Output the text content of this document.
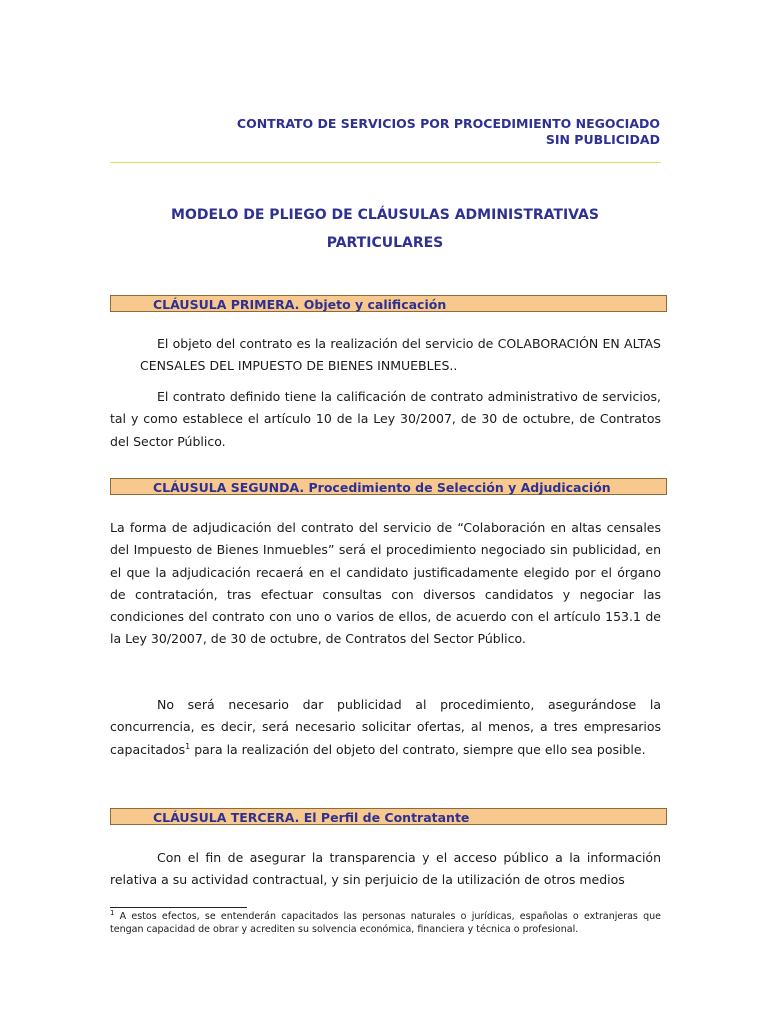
CONTRATO DE SERVICIOS POR PROCEDIMIENTO NEGOCIADO
SIN PUBLICIDAD
MODELO DE PLIEGO DE CLÁUSULAS ADMINISTRATIVAS
PARTICULARES
CLÁUSULA PRIMERA. Objeto y calificación
El objeto del contrato es la realización del servicio de COLABORACIÓN EN ALTAS CENSALES DEL IMPUESTO DE BIENES INMUEBLES..
El contrato definido tiene la calificación de contrato administrativo de servicios, tal y como establece el artículo 10 de la Ley 30/2007, de 30 de octubre, de Contratos del Sector Público.
CLÁUSULA SEGUNDA. Procedimiento de Selección y Adjudicación
La forma de adjudicación del contrato del servicio de “Colaboración en altas censales del Impuesto de Bienes Inmuebles” será el procedimiento negociado sin publicidad, en el que la adjudicación recaerá en el candidato justificadamente elegido por el órgano de contratación, tras efectuar consultas con diversos candidatos y negociar las condiciones del contrato con uno o varios de ellos, de acuerdo con el artículo 153.1 de la Ley 30/2007, de 30 de octubre, de Contratos del Sector Público.
No será necesario dar publicidad al procedimiento, asegurándose la concurrencia, es decir, será necesario solicitar ofertas, al menos, a tres empresarios capacitados$^1$ para la realización del objeto del contrato, siempre que ello sea posible.
CLÁUSULA TERCERA. El Perfil de Contratante
Con el fin de asegurar la transparencia y el acceso público a la información relativa a su actividad contractual, y sin perjuicio de la utilización de otros medios
$^1$ A estos efectos, se entenderán capacitados las personas naturales o jurídicas, españolas o extranjeras que tengan capacidad de obrar y acrediten su solvencia económica, financiera y técnica o profesional.
